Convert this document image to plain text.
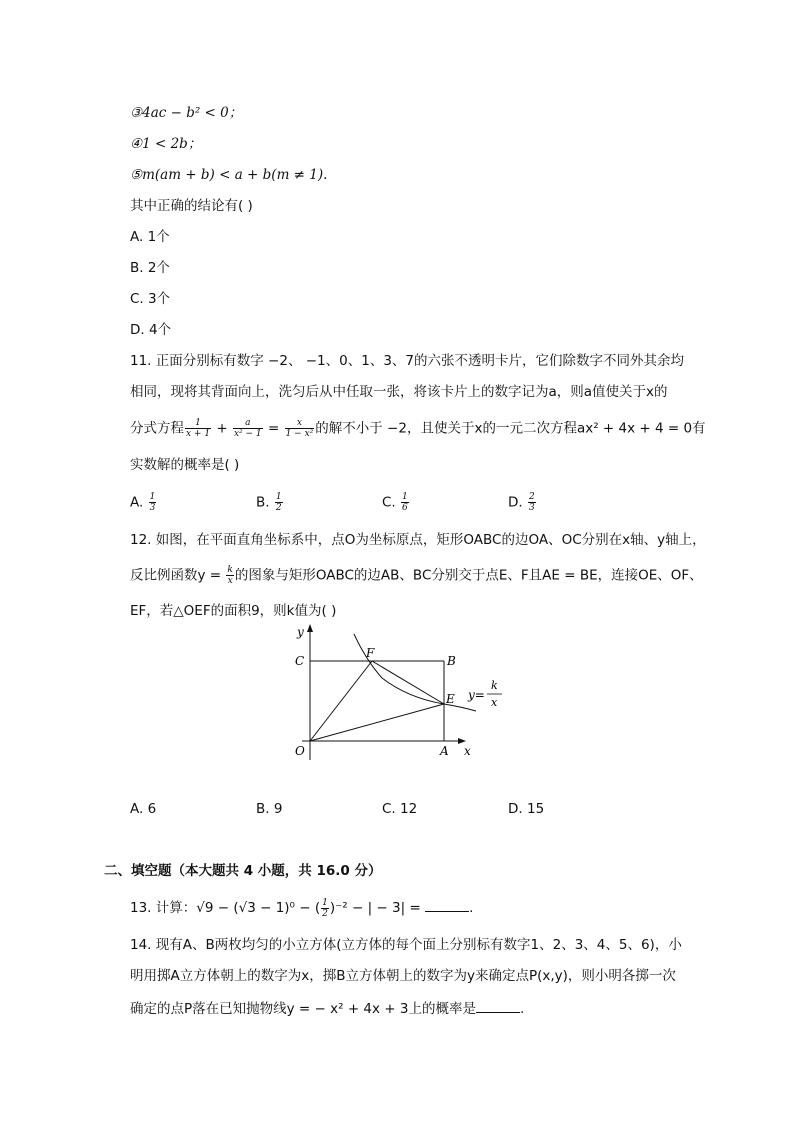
③4ac − b² < 0；
④1 < 2b；
⑤m(am + b) < a + b(m ≠ 1).
其中正确的结论有( )
A. 1个
B. 2个
C. 3个
D. 4个
11. 正面分别标有数字 −2、 −1、0、1、3、7的六张不透明卡片，它们除数字不同外其余均
相同，现将其背面向上，洗匀后从中任取一张，将该卡片上的数字记为a，则a值使关于x的
分式方程 $\frac{1}{x + 1} + \frac{a}{\text{x² − 1}} = \frac{x}{\text{1 − x²}}$ 的解不小于 −2，且使关于x的一元二次方程ax² + 4x + 4 = 0有
实数解的概率是( )
A. $\frac{1}{3}$	B. $\frac{1}{2}$	C. $\frac{1}{6}$	D. $\frac{2}{3}$
12. 如图，在平面直角坐标系中，点O为坐标原点，矩形OABC的边OA、OC分别在x轴、y轴上，
反比例函数$y = \frac{k}{x}$ 的图象与矩形OABC的边AB、BC分别交于点E、F且AE = BE，连接OE、OF、
EF，若△OEF的面积9，则k值为( )
y
x
O	A
B
C
E
F
y=
k
x
A. 6	B. 9	C. 12	D. 15
二、填空题（本大题共 4 小题，共 16.0 分）
13. 计算：√9 − (√3 − 1)⁰ − ( $\frac{1}{2} )^{-2}$ − | − 3| =	.
14. 现有A、B两枚均匀的小立方体(立方体的每个面上分别标有数字1、2、3、4、5、6)，小
明用掷A立方体朝上的数字为x，掷B立方体朝上的数字为y来确定点P(x,y)，则小明各掷一次
确定的点P落在已知抛物线y = − x² + 4x + 3上的概率是	.
